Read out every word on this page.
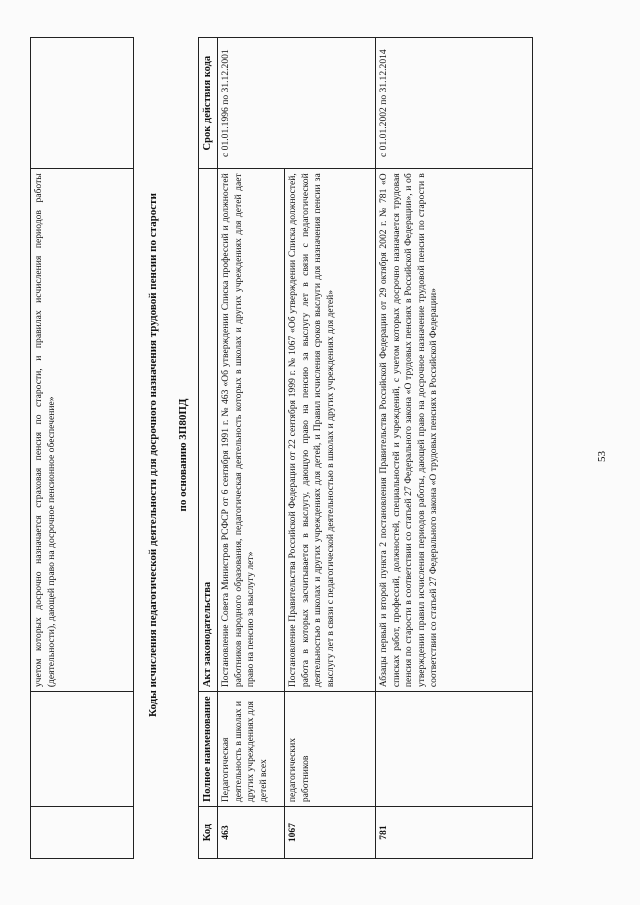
53
		учетом которых досрочно назначается страховая пенсия по старости, и правилах исчисления периодов работы (деятельности), дающей право на досрочное пенсионное обеспечение»		Коды исчисления педагогической деятельности для досрочного назначения трудовой пенсии по старости по основанию 3П80ПД
Код	Полное наименование	Акт законодательства	Срок действия кода
463	Педагогическая деятельность в школах и других учреждениях для детей всех	Постановление Совета Министров РСФСР от 6 сентября 1991 г. № 463 «Об утверждении Списка профессий и должностей работников народного образования, педагогическая деятельность которых в школах и других учреждениях для детей дает право на пенсию за выслугу лет»	с 01.01.1996 по 31.12.2001
1067	педагогических работников	Постановление Правительства Российской Федерации от 22 сентября 1999 г. № 1067 «Об утверждении Списка должностей, работа в которых засчитывается в выслугу, дающую право на пенсию за выслугу лет в связи с педагогической деятельностью в школах и других учреждениях для детей, и Правил исчисления сроков выслуги для назначения пенсии за выслугу лет в связи с педагогической деятельностью в школах и других учреждениях для детей»	
781		Абзацы первый и второй пункта 2 постановления Правительства Российской Федерации от 29 октября 2002 г. № 781 «О списках работ, профессий, должностей, специальностей и учреждений, с учетом которых досрочно назначается трудовая пенсия по старости в соответствии со статьей 27 Федерального закона «О трудовых пенсиях в Российской Федерации», и об утверждении правил исчисления периодов работы, дающей право на досрочное назначение трудовой пенсии по старости в соответствии со статьей 27 Федерального закона «О трудовых пенсиях в Российской Федерации»	с 01.01.2002 по 31.12.2014
